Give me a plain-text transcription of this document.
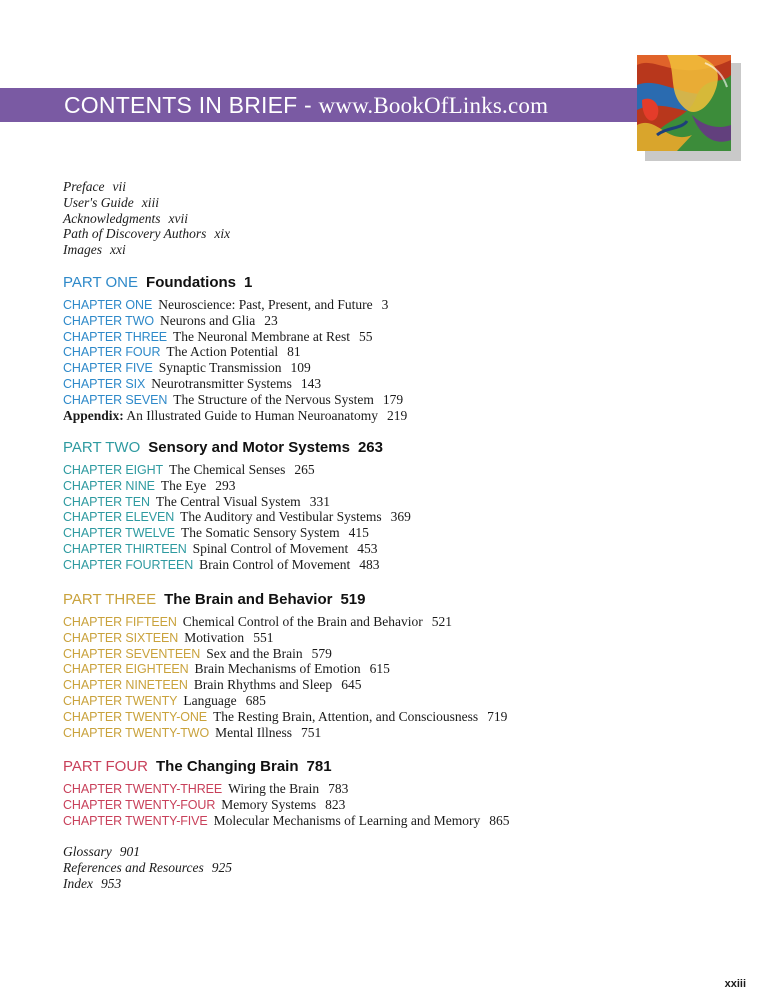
CONTENTS IN BRIEF - www.BookOfLinks.com
Preface vii
User's Guide xiii
Acknowledgments xvii
Path of Discovery Authors xix
Images xxi
PART ONE Foundations 1
CHAPTER ONE Neuroscience: Past, Present, and Future 3
CHAPTER TWO Neurons and Glia 23
CHAPTER THREE The Neuronal Membrane at Rest 55
CHAPTER FOUR The Action Potential 81
CHAPTER FIVE Synaptic Transmission 109
CHAPTER SIX Neurotransmitter Systems 143
CHAPTER SEVEN The Structure of the Nervous System 179
Appendix: An Illustrated Guide to Human Neuroanatomy 219
PART TWO Sensory and Motor Systems 263
CHAPTER EIGHT The Chemical Senses 265
CHAPTER NINE The Eye 293
CHAPTER TEN The Central Visual System 331
CHAPTER ELEVEN The Auditory and Vestibular Systems 369
CHAPTER TWELVE The Somatic Sensory System 415
CHAPTER THIRTEEN Spinal Control of Movement 453
CHAPTER FOURTEEN Brain Control of Movement 483
PART THREE The Brain and Behavior 519
CHAPTER FIFTEEN Chemical Control of the Brain and Behavior 521
CHAPTER SIXTEEN Motivation 551
CHAPTER SEVENTEEN Sex and the Brain 579
CHAPTER EIGHTEEN Brain Mechanisms of Emotion 615
CHAPTER NINETEEN Brain Rhythms and Sleep 645
CHAPTER TWENTY Language 685
CHAPTER TWENTY-ONE The Resting Brain, Attention, and Consciousness 719
CHAPTER TWENTY-TWO Mental Illness 751
PART FOUR The Changing Brain 781
CHAPTER TWENTY-THREE Wiring the Brain 783
CHAPTER TWENTY-FOUR Memory Systems 823
CHAPTER TWENTY-FIVE Molecular Mechanisms of Learning and Memory 865
Glossary 901
References and Resources 925
Index 953
xxiii
